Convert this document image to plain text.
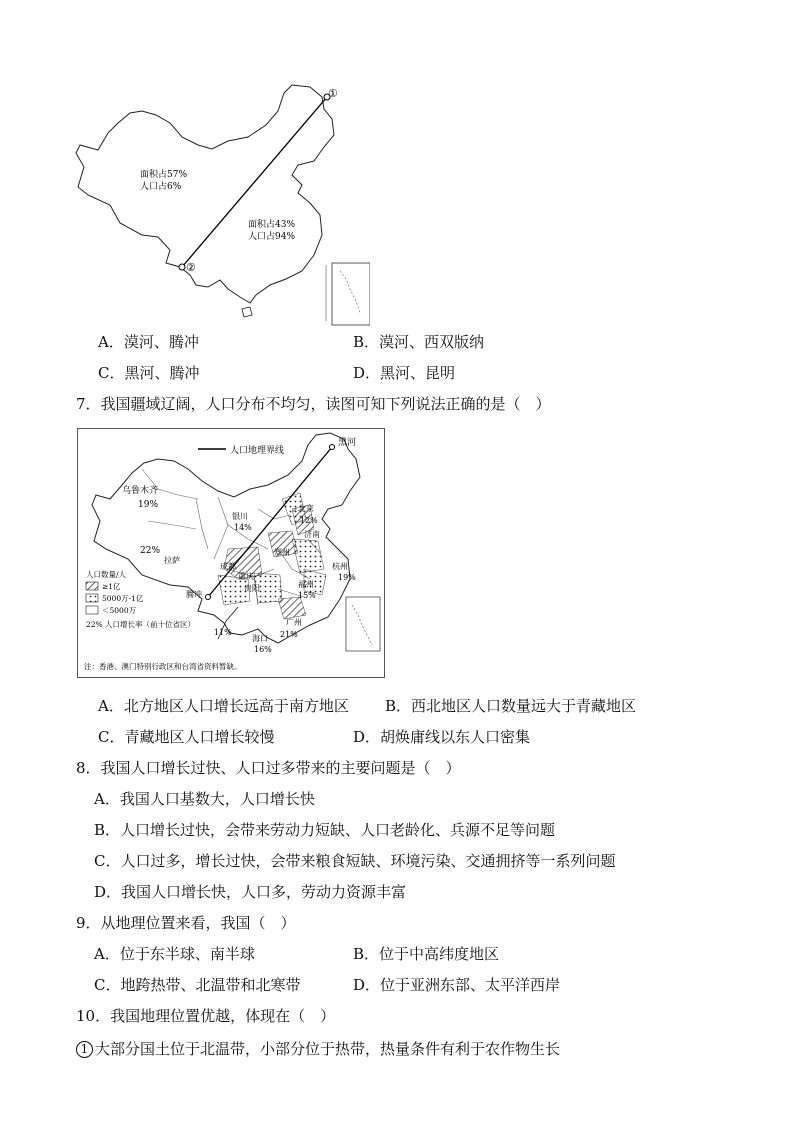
①
②
面积占57%
人口占6%
面积占43%
人口占94%
A．漠河、腾冲	B．漠河、西双版纳
C．黑河、腾冲	D．黑河、昆明
7．我国疆域辽阔，人口分布不均匀，读图可知下列说法正确的是（　）
人口地理界线
黑河
乌鲁木齐
19%	北京
12%
银川
14%
济南
22%
拉萨
郑州
成都
重庆
贵阳
杭州
19%
福州
15%
腾冲
11%
广州
21%
海口
16%
人口数量/人
≥1亿
5000万-1亿
＜5000万
22% 人口增长率（前十位省区）
注：香港、澳门特别行政区和台湾省资料暂缺。
A．北方地区人口增长远高于南方地区 B．西北地区人口数量远大于青藏地区
C．青藏地区人口增长较慢	D．胡焕庸线以东人口密集
8．我国人口增长过快、人口过多带来的主要问题是（　）
A．我国人口基数大，人口增长快
B．人口增长过快，会带来劳动力短缺、人口老龄化、兵源不足等问题
C．人口过多，增长过快，会带来粮食短缺、环境污染、交通拥挤等一系列问题
D．我国人口增长快，人口多，劳动力资源丰富
9．从地理位置来看，我国（　）
A．位于东半球、南半球	B．位于中高纬度地区
C．地跨热带、北温带和北寒带	D．位于亚洲东部、太平洋西岸
10．我国地理位置优越，体现在（　）
1 大部分国土位于北温带，小部分位于热带，热量条件有利于农作物生长
